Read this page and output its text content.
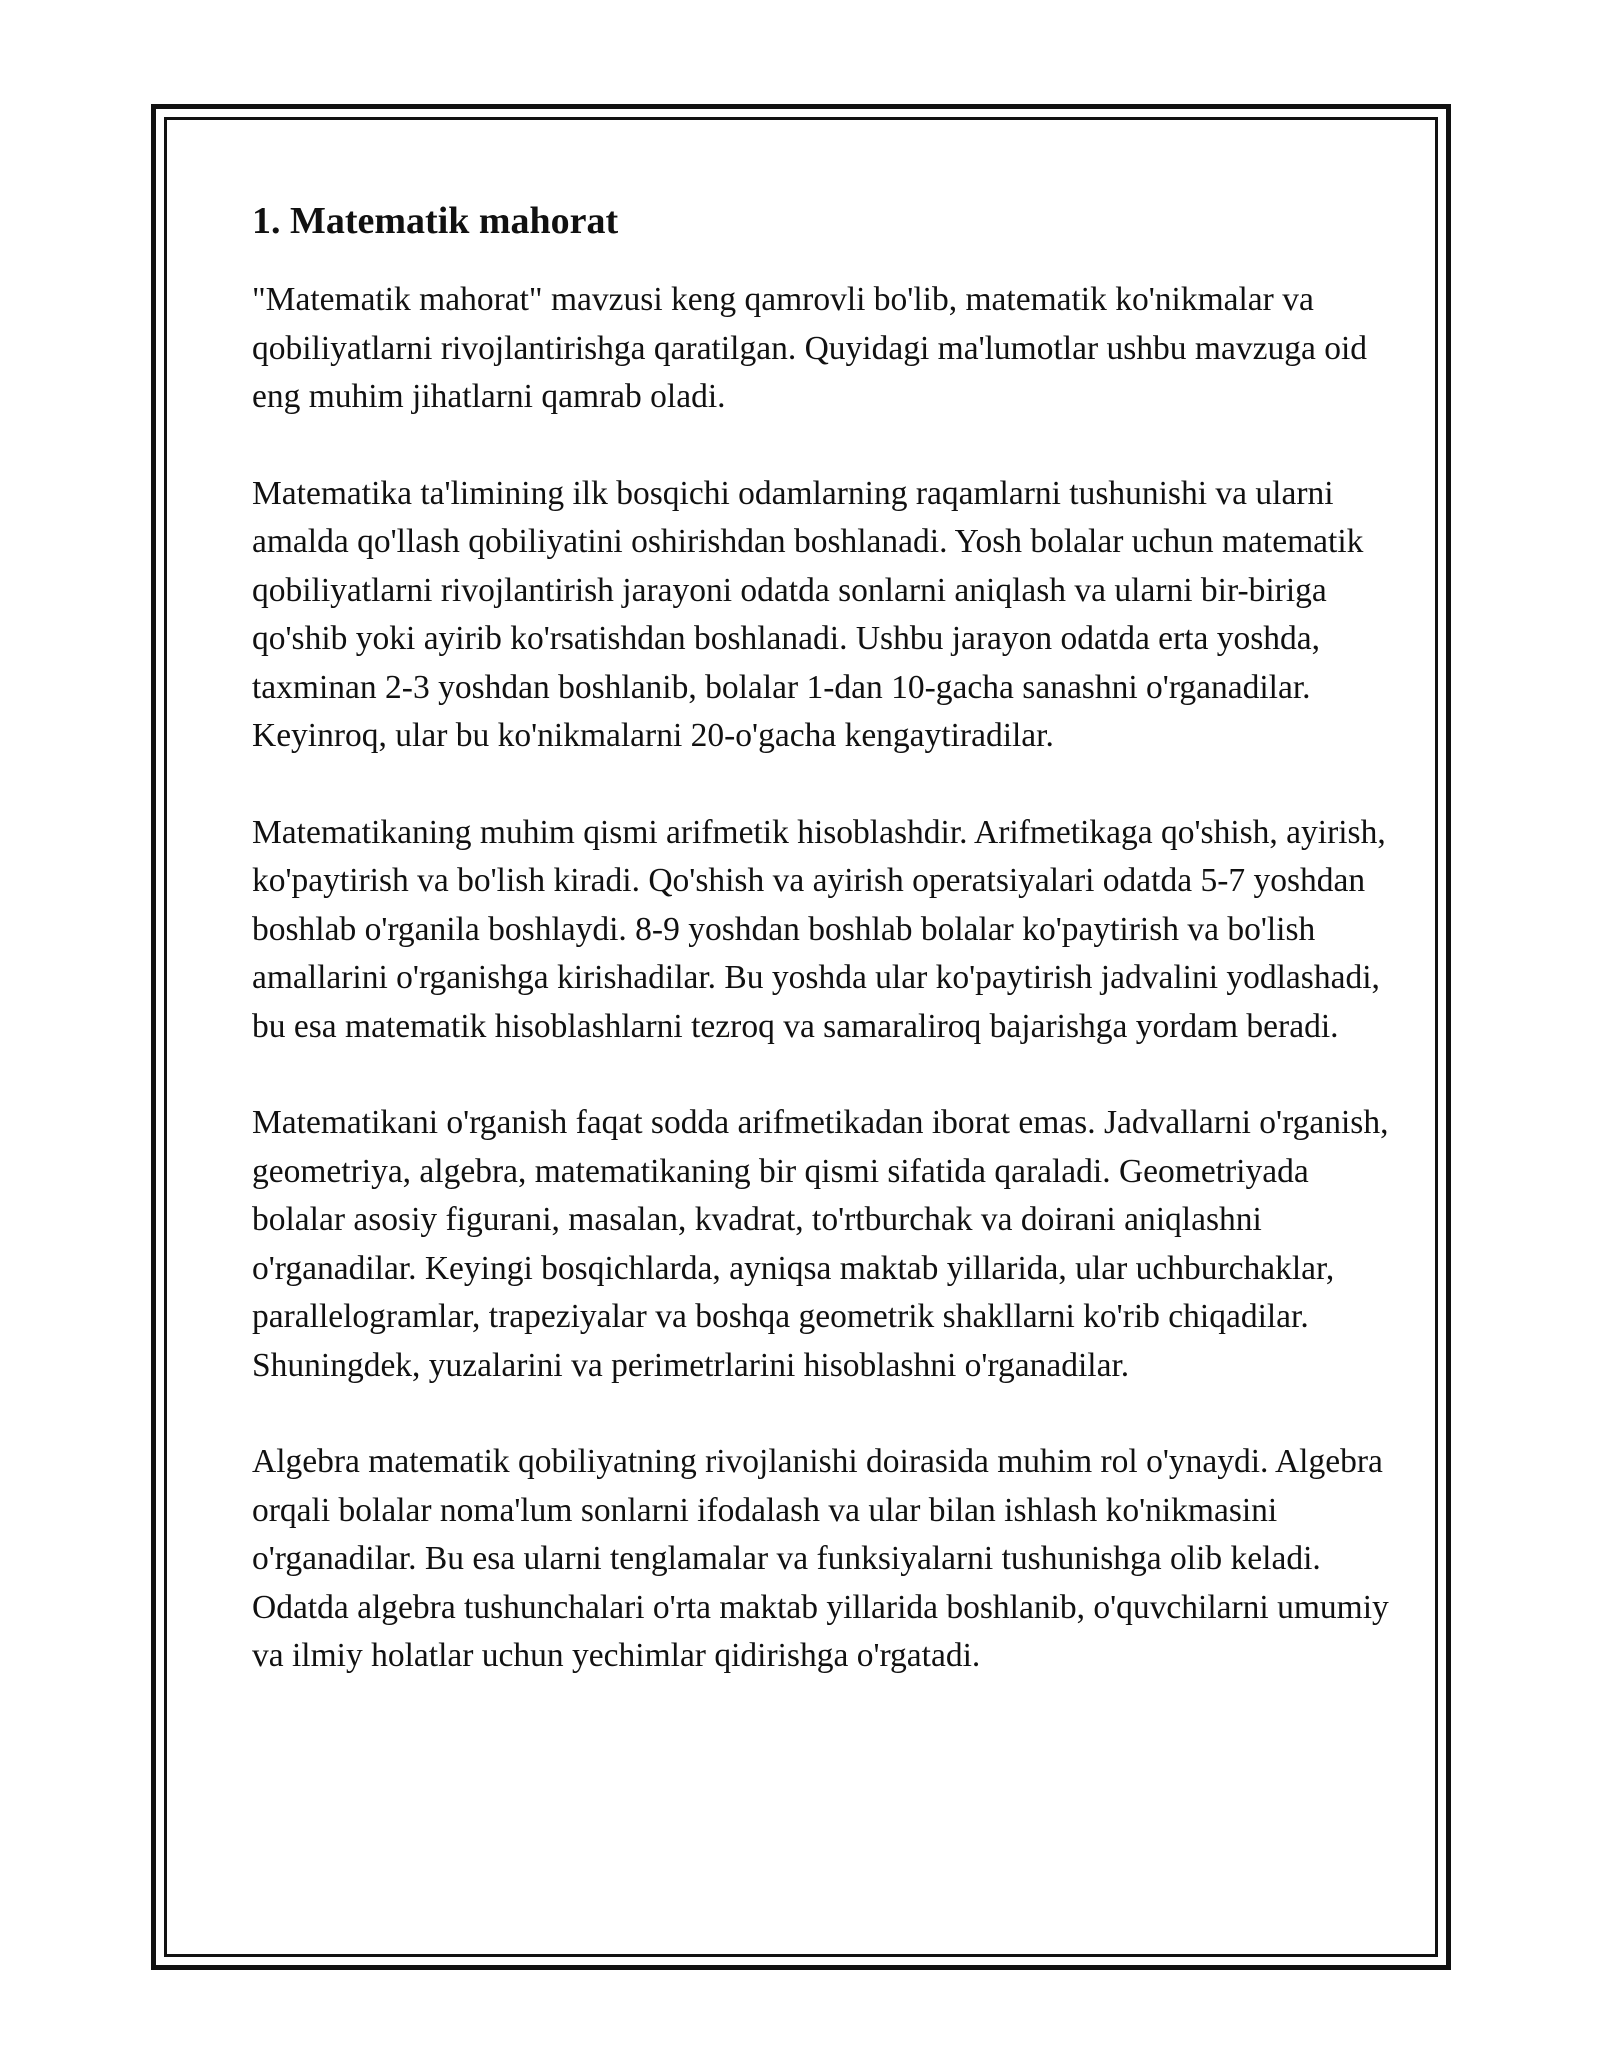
1. Matematik mahorat

"Matematik mahorat" mavzusi keng qamrovli bo'lib, matematik ko'nikmalar va qobiliyatlarni rivojlantirishga qaratilgan. Quyidagi ma'lumotlar ushbu mavzuga oid eng muhim jihatlarni qamrab oladi.

Matematika ta'limining ilk bosqichi odamlarning raqamlarni tushunishi va ularni amalda qo'llash qobiliyatini oshirishdan boshlanadi. Yosh bolalar uchun matematik qobiliyatlarni rivojlantirish jarayoni odatda sonlarni aniqlash va ularni bir-biriga qo'shib yoki ayirib ko'rsatishdan boshlanadi. Ushbu jarayon odatda erta yoshda, taxminan 2-3 yoshdan boshlanib, bolalar 1-dan 10-gacha sanashni o'rganadilar. Keyinroq, ular bu ko'nikmalarni 20-o'gacha kengaytiradilar.

Matematikaning muhim qismi arifmetik hisoblashdir. Arifmetikaga qo'shish, ayirish, ko'paytirish va bo'lish kiradi. Qo'shish va ayirish operatsiyalari odatda 5-7 yoshdan boshlab o'rganila boshlaydi. 8-9 yoshdan boshlab bolalar ko'paytirish va bo'lish amallarini o'rganishga kirishadilar. Bu yoshda ular ko'paytirish jadvalini yodlashadi, bu esa matematik hisoblashlarni tezroq va samaraliroq bajarishga yordam beradi.

Matematikani o'rganish faqat sodda arifmetikadan iborat emas. Jadvallarni o'rganish, geometriya, algebra, matematikaning bir qismi sifatida qaraladi. Geometriyada bolalar asosiy figurani, masalan, kvadrat, to'rtburchak va doirani aniqlashni o'rganadilar. Keyingi bosqichlarda, ayniqsa maktab yillarida, ular uchburchaklar, parallelogramlar, trapeziyalar va boshqa geometrik shakllarni ko'rib chiqadilar. Shuningdek, yuzalarini va perimetrlarini hisoblashni o'rganadilar.

Algebra matematik qobiliyatning rivojlanishi doirasida muhim rol o'ynaydi. Algebra orqali bolalar noma'lum sonlarni ifodalash va ular bilan ishlash ko'nikmasini o'rganadilar. Bu esa ularni tenglamalar va funksiyalarni tushunishga olib keladi. Odatda algebra tushunchalari o'rta maktab yillarida boshlanib, o'quvchilarni umumiy va ilmiy holatlar uchun yechimlar qidirishga o'rgatadi.
